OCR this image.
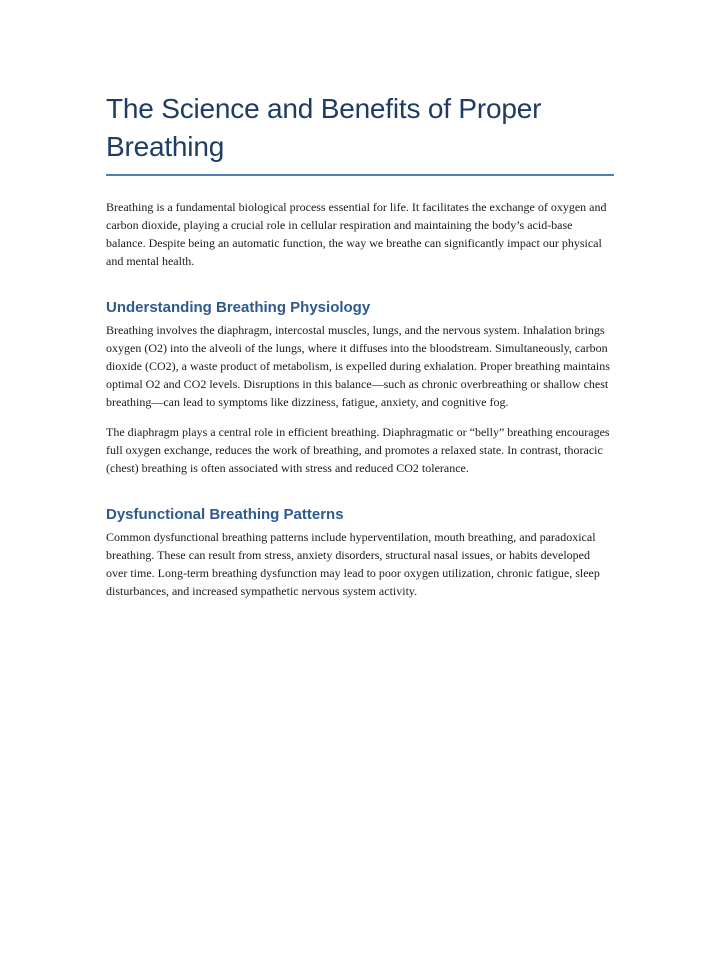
The Science and Benefits of Proper Breathing

Breathing is a fundamental biological process essential for life. It facilitates the exchange of oxygen and carbon dioxide, playing a crucial role in cellular respiration and maintaining the body’s acid-base balance. Despite being an automatic function, the way we breathe can significantly impact our physical and mental health.

Understanding Breathing Physiology

Breathing involves the diaphragm, intercostal muscles, lungs, and the nervous system. Inhalation brings oxygen (O2) into the alveoli of the lungs, where it diffuses into the bloodstream. Simultaneously, carbon dioxide (CO2), a waste product of metabolism, is expelled during exhalation. Proper breathing maintains optimal O2 and CO2 levels. Disruptions in this balance—such as chronic overbreathing or shallow chest breathing—can lead to symptoms like dizziness, fatigue, anxiety, and cognitive fog.

The diaphragm plays a central role in efficient breathing. Diaphragmatic or “belly” breathing encourages full oxygen exchange, reduces the work of breathing, and promotes a relaxed state. In contrast, thoracic (chest) breathing is often associated with stress and reduced CO2 tolerance.

Dysfunctional Breathing Patterns

Common dysfunctional breathing patterns include hyperventilation, mouth breathing, and paradoxical breathing. These can result from stress, anxiety disorders, structural nasal issues, or habits developed over time. Long-term breathing dysfunction may lead to poor oxygen utilization, chronic fatigue, sleep disturbances, and increased sympathetic nervous system activity.
